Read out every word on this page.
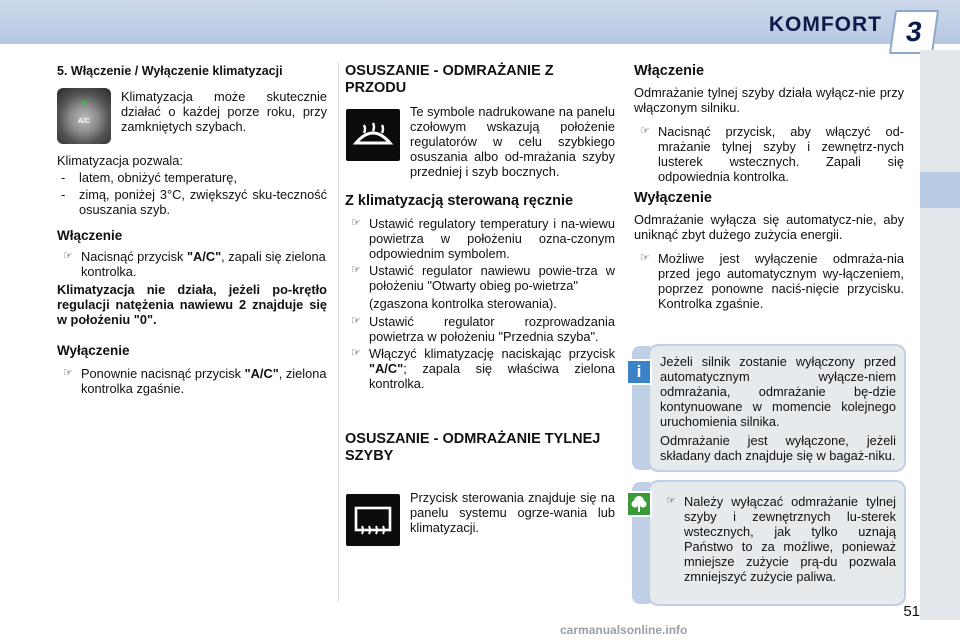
KOMFORT 3
5. Włączenie / Wyłączenie klimatyzacji
A/C

Klimatyzacja może skutecznie działać o każdej porze roku, przy zamkniętych szybach.

Klimatyzacja pozwala:

- latem, obniżyć temperaturę,
- zimą, poniżej 3°C, zwiększyć sku-teczność osuszania szyb.
Włączenie
☞ Nacisnąć przycisk "A/C", zapali się zielona kontrolka.

Klimatyzacja nie działa, jeżeli po-krętło regulacji natężenia nawiewu 2 znajduje się w położeniu "0".

Wyłączenie
☞ Ponownie nacisnąć przycisk "A/C", zielona kontrolka zgaśnie.
OSUSZANIE - ODMRAŻANIE Z PRZODU

Te symbole nadrukowane na panelu czołowym wskazują położenie regulatorów w celu szybkiego osuszania albo od-mrażania szyby przedniej i szyb bocznych.

Z klimatyzacją sterowaną ręcznie
☞ Ustawić regulatory temperatury i na-wiewu powietrza w położeniu ozna-czonym odpowiednim symbolem.
☞ Ustawić regulator nawiewu powie-trza w położeniu "Otwarty obieg po-wietrza"

(zgaszona kontrolka sterowania).

☞ Ustawić regulator rozprowadzania powietrza w położeniu "Przednia szyba".
☞ Włączyć klimatyzację naciskając przycisk "A/C"; zapala się właściwa zielona kontrolka.
OSUSZANIE - ODMRAŻANIE TYLNEJ SZYBY

Przycisk sterowania znajduje się na panelu systemu ogrze-wania lub klimatyzacji.

Włączenie

Odmrażanie tylnej szyby działa wyłącz-nie przy włączonym silniku.

☞ Nacisnąć przycisk, aby włączyć od-mrażanie tylnej szyby i zewnętrz-nych lusterek wstecznych. Zapali się odpowiednia kontrolka.
Wyłączenie

Odmrażanie wyłącza się automatycz-nie, aby uniknąć zbyt dużego zużycia energii.

☞ Możliwe jest wyłączenie odmraża-nia przed jego automatycznym wy-łączeniem, poprzez ponowne naciś-nięcie przycisku. Kontrolka zgaśnie.

Jeżeli silnik zostanie wyłączony przed automatycznym wyłącze-niem odmrażania, odmrażanie bę-dzie kontynuowane w momencie kolejnego uruchomienia silnika.

Odmrażanie jest wyłączone, jeżeli składany dach znajduje się w bagaż-niku.

i
☞ Należy wyłączać odmrażanie tylnej szyby i zewnętrznych lu-sterek wstecznych, jak tylko uznają Państwo to za możliwe, ponieważ mniejsze zużycie prą-du pozwala zmniejszyć zużycie paliwa.
51
carmanualsonline.info
